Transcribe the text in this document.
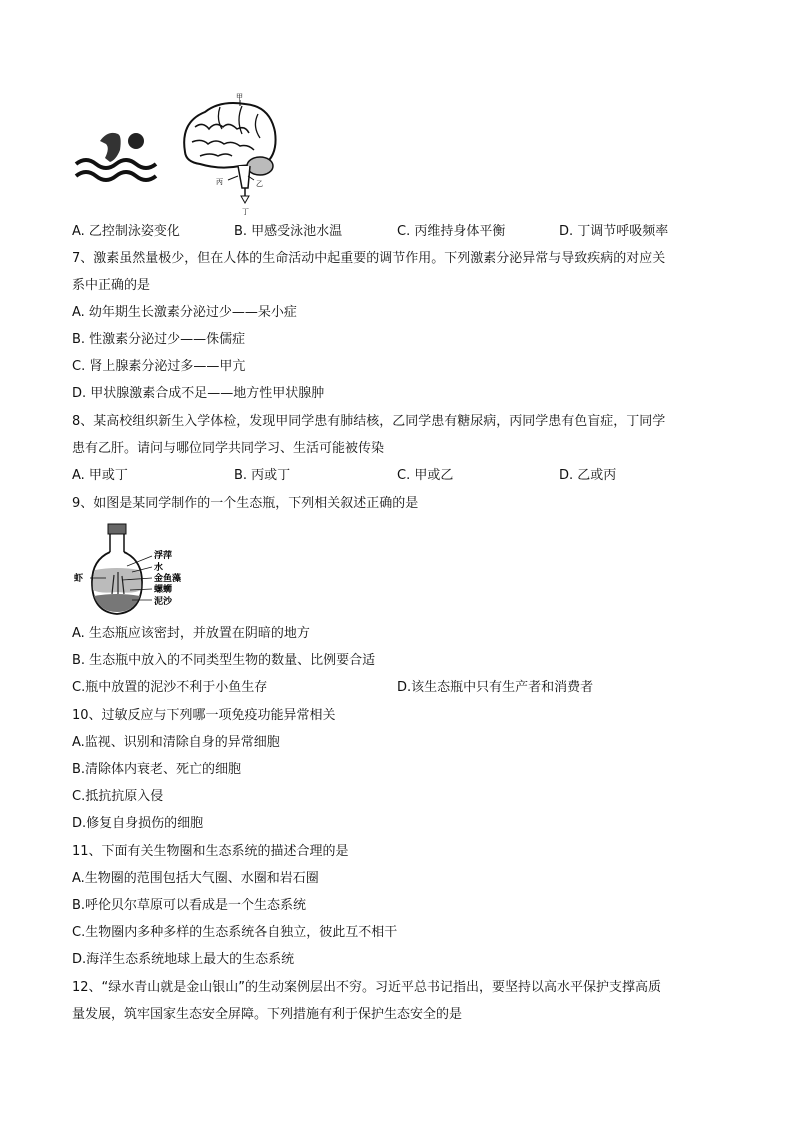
甲
丙	乙
丁
A. 乙控制泳姿变化	B. 甲感受泳池水温	C. 丙维持身体平衡	D. 丁调节呼吸频率
7、激素虽然量极少，但在人体的生命活动中起重要的调节作用。下列激素分泌异常与导致疾病的对应关
系中正确的是
A. 幼年期生长激素分泌过少——呆小症
B. 性激素分泌过少——侏儒症
C. 肾上腺素分泌过多——甲亢
D. 甲状腺激素合成不足——地方性甲状腺肿
8、某高校组织新生入学体检，发现甲同学患有肺结核，乙同学患有糖尿病，丙同学患有色盲症，丁同学
患有乙肝。请问与哪位同学共同学习、生活可能被传染
A. 甲或丁	B. 丙或丁	C. 甲或乙	D. 乙或丙
9、如图是某同学制作的一个生态瓶，下列相关叙述正确的是
浮萍
水
金鱼藻
螺蛳
泥沙
虾
A. 生态瓶应该密封，并放置在阴暗的地方
B. 生态瓶中放入的不同类型生物的数量、比例要合适
C.瓶中放置的泥沙不利于小鱼生存	D.该生态瓶中只有生产者和消费者
10、过敏反应与下列哪一项免疫功能异常相关
A.监视、识别和清除自身的异常细胞
B.清除体内衰老、死亡的细胞
C.抵抗抗原入侵
D.修复自身损伤的细胞
11、下面有关生物圈和生态系统的描述合理的是
A.生物圈的范围包括大气圈、水圈和岩石圈
B.呼伦贝尔草原可以看成是一个生态系统
C.生物圈内多种多样的生态系统各自独立，彼此互不相干
D.海洋生态系统地球上最大的生态系统
12、“绿水青山就是金山银山”的生动案例层出不穷。习近平总书记指出，要坚持以高水平保护支撑高质
量发展，筑牢国家生态安全屏障。下列措施有利于保护生态安全的是
